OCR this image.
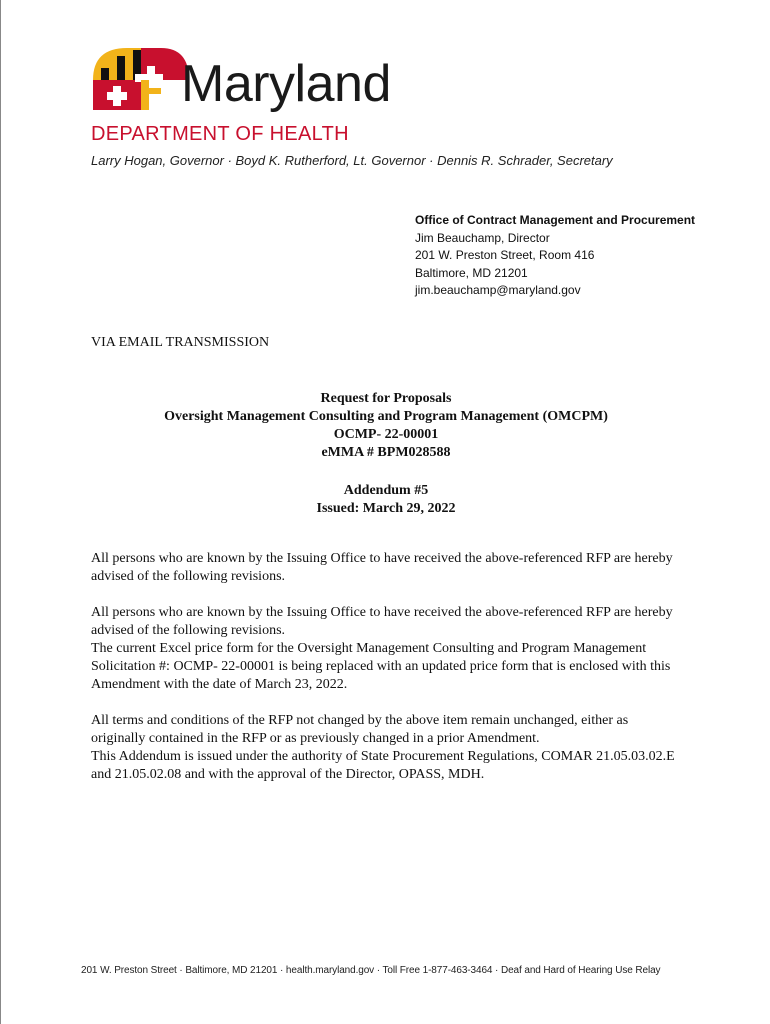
Maryland
DEPARTMENT OF HEALTH
Larry Hogan, Governor · Boyd K. Rutherford, Lt. Governor · Dennis R. Schrader, Secretary
Office of Contract Management and Procurement
Jim Beauchamp, Director
201 W. Preston Street, Room 416
Baltimore, MD 21201
jim.beauchamp@maryland.gov
VIA EMAIL TRANSMISSION
Request for Proposals
Oversight Management Consulting and Program Management (OMCPM)
OCMP- 22-00001
eMMA # BPM028588
Addendum #5
Issued: March 29, 2022

All persons who are known by the Issuing Office to have received the above-referenced RFP are hereby advised of the following revisions.

All persons who are known by the Issuing Office to have received the above-referenced RFP are hereby advised of the following revisions.
The current Excel price form for the Oversight Management Consulting and Program Management Solicitation #: OCMP- 22-00001 is being replaced with an updated price form that is enclosed with this Amendment with the date of March 23, 2022.

All terms and conditions of the RFP not changed by the above item remain unchanged, either as originally contained in the RFP or as previously changed in a prior Amendment.
This Addendum is issued under the authority of State Procurement Regulations, COMAR 21.05.03.02.E and 21.05.02.08 and with the approval of the Director, OPASS, MDH.

201 W. Preston Street · Baltimore, MD 21201 · health.maryland.gov · Toll Free 1-877-463-3464 · Deaf and Hard of Hearing Use Relay
